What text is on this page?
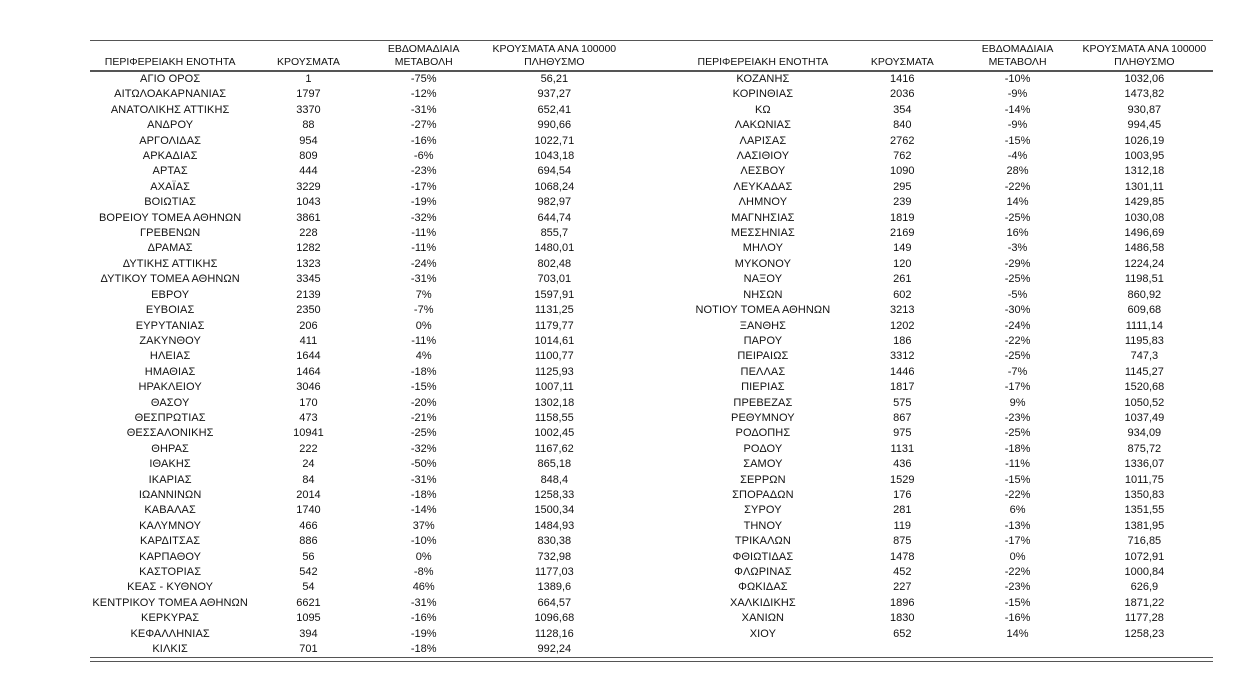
ΠΕΡΙΦΕΡΕΙΑΚΗ ΕΝΟΤΗΤΑ	ΚΡΟΥΣΜΑΤΑ	ΕΒΔΟΜΑΔΙΑΙΑ
ΜΕΤΑΒΟΛΗ	ΚΡΟΥΣΜΑΤΑ ΑΝΑ 100000
ΠΛΗΘΥΣΜΟ		ΠΕΡΙΦΕΡΕΙΑΚΗ ΕΝΟΤΗΤΑ	ΚΡΟΥΣΜΑΤΑ	ΕΒΔΟΜΑΔΙΑΙΑ
ΜΕΤΑΒΟΛΗ	ΚΡΟΥΣΜΑΤΑ ΑΝΑ 100000
ΠΛΗΘΥΣΜΟ
ΑΓΙΟ ΟΡΟΣ	1	-75%	56,21		ΚΟΖΑΝΗΣ	1416	-10%	1032,06
ΑΙΤΩΛΟΑΚΑΡΝΑΝΙΑΣ	1797	-12%	937,27		ΚΟΡΙΝΘΙΑΣ	2036	-9%	1473,82
ΑΝΑΤΟΛΙΚΗΣ ΑΤΤΙΚΗΣ	3370	-31%	652,41		ΚΩ	354	-14%	930,87
ΑΝΔΡΟΥ	88	-27%	990,66		ΛΑΚΩΝΙΑΣ	840	-9%	994,45
ΑΡΓΟΛΙΔΑΣ	954	-16%	1022,71		ΛΑΡΙΣΑΣ	2762	-15%	1026,19
ΑΡΚΑΔΙΑΣ	809	-6%	1043,18		ΛΑΣΙΘΙΟΥ	762	-4%	1003,95
ΑΡΤΑΣ	444	-23%	694,54		ΛΕΣΒΟΥ	1090	28%	1312,18
ΑΧΑΪΑΣ	3229	-17%	1068,24		ΛΕΥΚΑΔΑΣ	295	-22%	1301,11
ΒΟΙΩΤΙΑΣ	1043	-19%	982,97		ΛΗΜΝΟΥ	239	14%	1429,85
ΒΟΡΕΙΟΥ ΤΟΜΕΑ ΑΘΗΝΩΝ	3861	-32%	644,74		ΜΑΓΝΗΣΙΑΣ	1819	-25%	1030,08
ΓΡΕΒΕΝΩΝ	228	-11%	855,7		ΜΕΣΣΗΝΙΑΣ	2169	16%	1496,69
ΔΡΑΜΑΣ	1282	-11%	1480,01		ΜΗΛΟΥ	149	-3%	1486,58
ΔΥΤΙΚΗΣ ΑΤΤΙΚΗΣ	1323	-24%	802,48		ΜΥΚΟΝΟΥ	120	-29%	1224,24
ΔΥΤΙΚΟΥ ΤΟΜΕΑ ΑΘΗΝΩΝ	3345	-31%	703,01		ΝΑΞΟΥ	261	-25%	1198,51
ΕΒΡΟΥ	2139	7%	1597,91		ΝΗΣΩΝ	602	-5%	860,92
ΕΥΒΟΙΑΣ	2350	-7%	1131,25		ΝΟΤΙΟΥ ΤΟΜΕΑ ΑΘΗΝΩΝ	3213	-30%	609,68
ΕΥΡΥΤΑΝΙΑΣ	206	0%	1179,77		ΞΑΝΘΗΣ	1202	-24%	1111,14
ΖΑΚΥΝΘΟΥ	411	-11%	1014,61		ΠΑΡΟΥ	186	-22%	1195,83
ΗΛΕΙΑΣ	1644	4%	1100,77		ΠΕΙΡΑΙΩΣ	3312	-25%	747,3
ΗΜΑΘΙΑΣ	1464	-18%	1125,93		ΠΕΛΛΑΣ	1446	-7%	1145,27
ΗΡΑΚΛΕΙΟΥ	3046	-15%	1007,11		ΠΙΕΡΙΑΣ	1817	-17%	1520,68
ΘΑΣΟΥ	170	-20%	1302,18		ΠΡΕΒΕΖΑΣ	575	9%	1050,52
ΘΕΣΠΡΩΤΙΑΣ	473	-21%	1158,55		ΡΕΘΥΜΝΟΥ	867	-23%	1037,49
ΘΕΣΣΑΛΟΝΙΚΗΣ	10941	-25%	1002,45		ΡΟΔΟΠΗΣ	975	-25%	934,09
ΘΗΡΑΣ	222	-32%	1167,62		ΡΟΔΟΥ	1131	-18%	875,72
ΙΘΑΚΗΣ	24	-50%	865,18		ΣΑΜΟΥ	436	-11%	1336,07
ΙΚΑΡΙΑΣ	84	-31%	848,4		ΣΕΡΡΩΝ	1529	-15%	1011,75
ΙΩΑΝΝΙΝΩΝ	2014	-18%	1258,33		ΣΠΟΡΑΔΩΝ	176	-22%	1350,83
ΚΑΒΑΛΑΣ	1740	-14%	1500,34		ΣΥΡΟΥ	281	6%	1351,55
ΚΑΛΥΜΝΟΥ	466	37%	1484,93		ΤΗΝΟΥ	119	-13%	1381,95
ΚΑΡΔΙΤΣΑΣ	886	-10%	830,38		ΤΡΙΚΑΛΩΝ	875	-17%	716,85
ΚΑΡΠΑΘΟΥ	56	0%	732,98		ΦΘΙΩΤΙΔΑΣ	1478	0%	1072,91
ΚΑΣΤΟΡΙΑΣ	542	-8%	1177,03		ΦΛΩΡΙΝΑΣ	452	-22%	1000,84
ΚΕΑΣ - ΚΥΘΝΟΥ	54	46%	1389,6		ΦΩΚΙΔΑΣ	227	-23%	626,9
ΚΕΝΤΡΙΚΟΥ ΤΟΜΕΑ ΑΘΗΝΩΝ	6621	-31%	664,57		ΧΑΛΚΙΔΙΚΗΣ	1896	-15%	1871,22
ΚΕΡΚΥΡΑΣ	1095	-16%	1096,68		ΧΑΝΙΩΝ	1830	-16%	1177,28
ΚΕΦΑΛΛΗΝΙΑΣ	394	-19%	1128,16		ΧΙΟΥ	652	14%	1258,23
ΚΙΛΚΙΣ	701	-18%	992,24					
